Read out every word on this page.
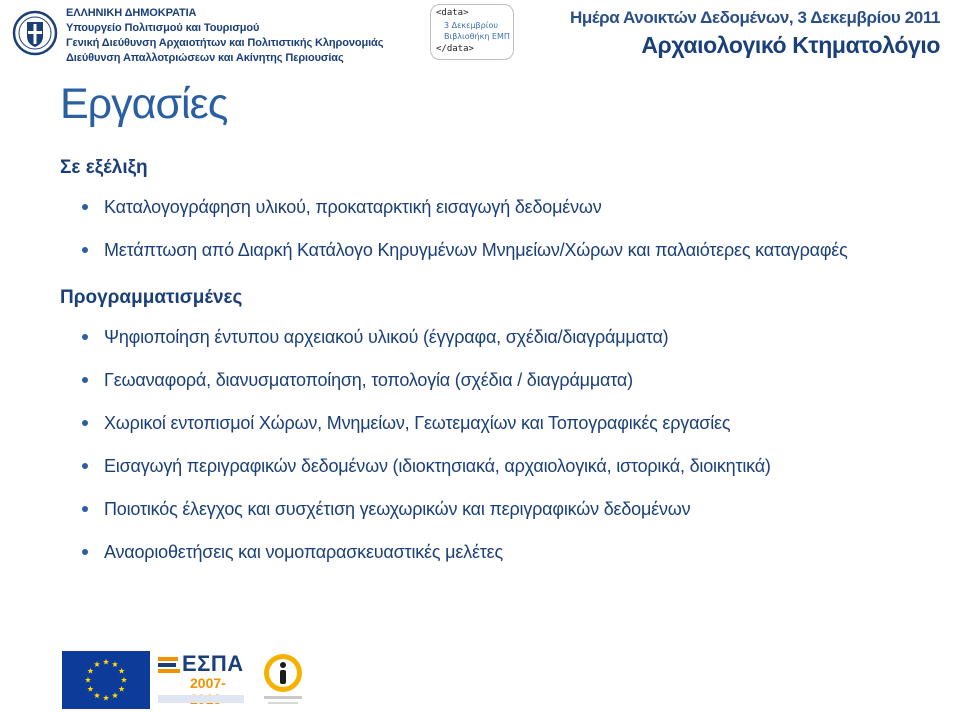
ΕΛΛΗΝΙΚΗ ΔΗΜΟΚΡΑΤΙΑ
Υπουργείο Πολιτισμού και Τουρισμού
Γενική Διεύθυνση Αρχαιοτήτων και Πολιτιστικής Κληρονομιάς
Διεύθυνση Απαλλοτριώσεων και Ακίνητης Περιουσίας
<data>
3 Δεκεμβρίου
Βιβλιοθήκη ΕΜΠ
</data>
Ημέρα Ανοικτών Δεδομένων, 3 Δεκεμβρίου 2011
Αρχαιολογικό Κτηματολόγιο
Εργασίες
Σε εξέλιξη
Καταλογογράφηση υλικού, προκαταρκτική εισαγωγή δεδομένων
Μετάπτωση από Διαρκή Κατάλογο Κηρυγμένων Μνημείων/Χώρων και παλαιότερες καταγραφές
Προγραμματισμένες
Ψηφιοποίηση έντυπου αρχειακού υλικού (έγγραφα, σχέδια/διαγράμματα)
Γεωαναφορά, διανυσματοποίηση, τοπολογία (σχέδια / διαγράμματα)
Χωρικοί εντοπισμοί Χώρων, Μνημείων, Γεωτεμαχίων και Τοπογραφικές εργασίες
Εισαγωγή περιγραφικών δεδομένων (ιδιοκτησιακά, αρχαιολογικά, ιστορικά, διοικητικά)
Ποιοτικός έλεγχος και συσχέτιση γεωχωρικών και περιγραφικών δεδομένων
Αναοριοθετήσεις και νομοπαρασκευαστικές μελέτες
ΕΣΠΑ
2007-
